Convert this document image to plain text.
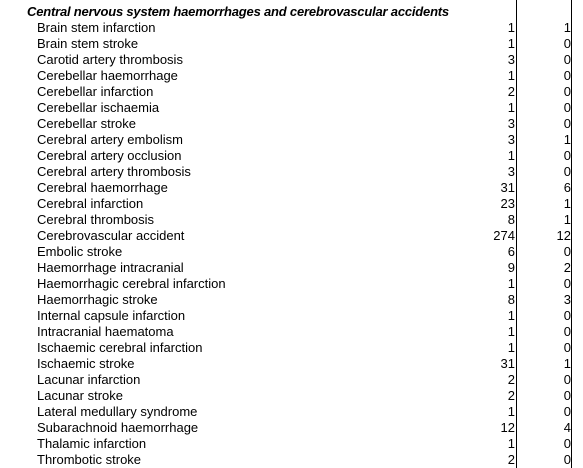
Central nervous system haemorrhages and cerebrovascular accidents
Brain stem infarction	1	1
Brain stem stroke	1	0
Carotid artery thrombosis	3	0
Cerebellar haemorrhage	1	0
Cerebellar infarction	2	0
Cerebellar ischaemia	1	0
Cerebellar stroke	3	0
Cerebral artery embolism	3	1
Cerebral artery occlusion	1	0
Cerebral artery thrombosis	3	0
Cerebral haemorrhage	31	6
Cerebral infarction	23	1
Cerebral thrombosis	8	1
Cerebrovascular accident	274	12
Embolic stroke	6	0
Haemorrhage intracranial	9	2
Haemorrhagic cerebral infarction	1	0
Haemorrhagic stroke	8	3
Internal capsule infarction	1	0
Intracranial haematoma	1	0
Ischaemic cerebral infarction	1	0
Ischaemic stroke	31	1
Lacunar infarction	2	0
Lacunar stroke	2	0
Lateral medullary syndrome	1	0
Subarachnoid haemorrhage	12	4
Thalamic infarction	1	0
Thrombotic stroke	2	0
